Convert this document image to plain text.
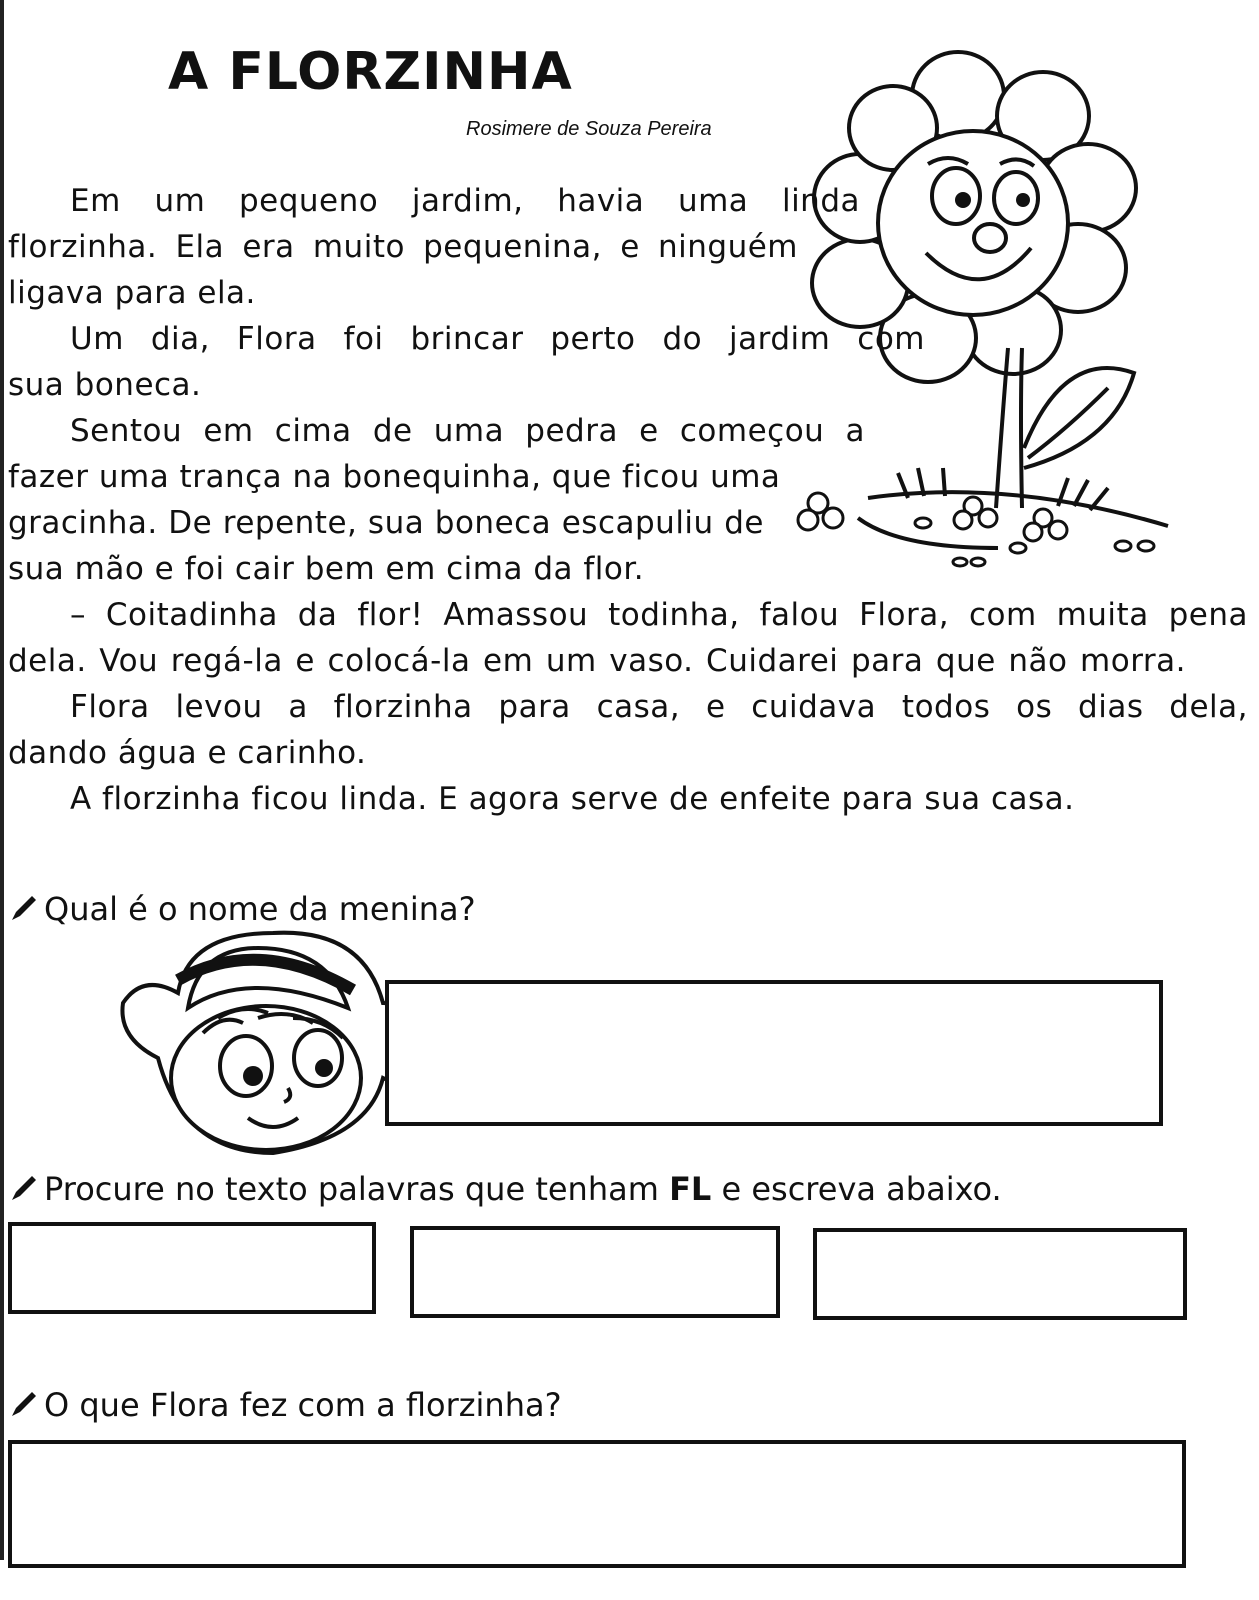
A FLORZINHA
Rosimere de Souza Pereira
Em um pequeno jardim, havia uma linda
florzinha. Ela era muito pequenina, e ninguém
ligava para ela.
Um dia, Flora foi brincar perto do jardim com
sua boneca.
Sentou em cima de uma pedra e começou a
fazer uma trança na bonequinha, que ficou uma
gracinha. De repente, sua boneca escapuliu de
sua mão e foi cair bem em cima da flor.
– Coitadinha da flor! Amassou todinha, falou Flora, com muita pena
dela. Vou regá-la e colocá-la em um vaso. Cuidarei para que não morra.
Flora levou a florzinha para casa, e cuidava todos os dias dela,
dando água e carinho.
A florzinha ficou linda. E agora serve de enfeite para sua casa.
Qual é o nome da menina?
Procure no texto palavras que tenham FL e escreva abaixo.
O que Flora fez com a florzinha?
